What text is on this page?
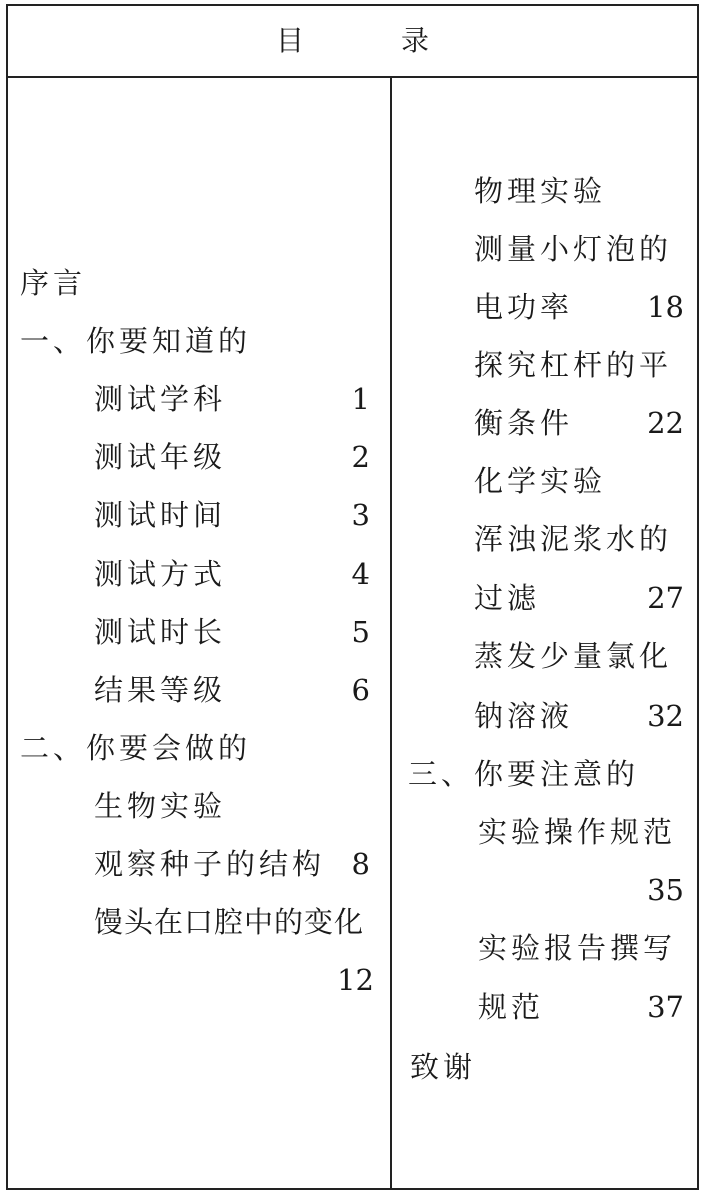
目 录
序言
一、你要知道的
测试学科	1
测试年级	2
测试时间	3
测试方式	4
测试时长	5
结果等级	6
二、你要会做的
生物实验
观察种子的结构 8
馒头在口腔中的变化
12
物理实验
测量小灯泡的
电功率	18
探究杠杆的平
衡条件	22
化学实验
浑浊泥浆水的
过滤	27
蒸发少量氯化
钠溶液	32
三、你要注意的
实验操作规范
35
实验报告撰写
规范	37
致谢
